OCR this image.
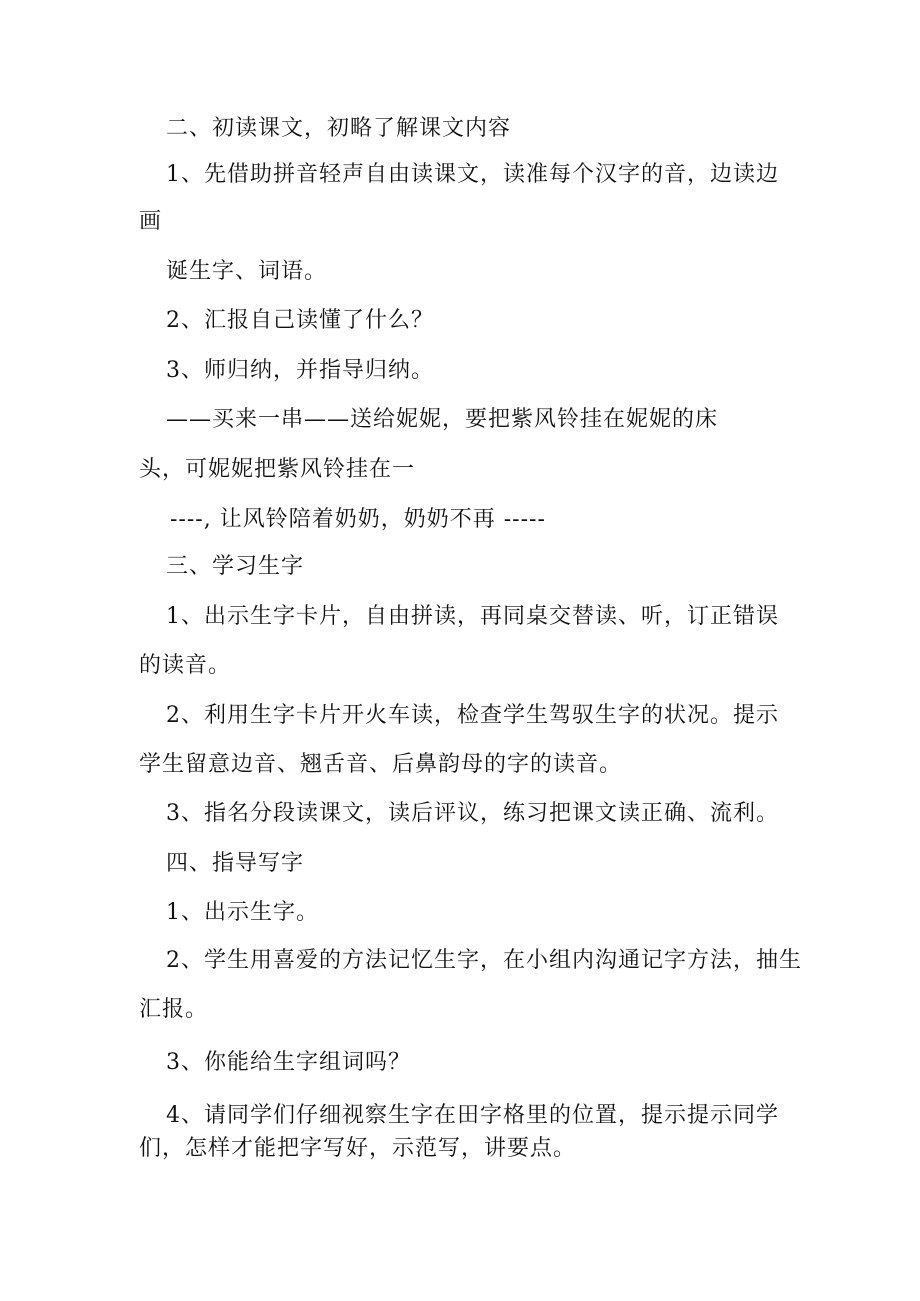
二、初读课文，初略了解课文内容
1、先借助拼音轻声自由读课文，读准每个汉字的音，边读边
画
诞生字、词语。
2、汇报自己读懂了什么？
3、师归纳，并指导归纳。
——买来一串——送给妮妮，要把紫风铃挂在妮妮的床
头，可妮妮把紫风铃挂在一
----, 让风铃陪着奶奶，奶奶不再 -----
三、学习生字
1、出示生字卡片，自由拼读，再同桌交替读、听，订正错误
的读音。
2、利用生字卡片开火车读，检查学生驾驭生字的状况。提示
学生留意边音、翘舌音、后鼻韵母的字的读音。
3、指名分段读课文，读后评议，练习把课文读正确、流利。
四、指导写字
1、出示生字。
2、学生用喜爱的方法记忆生字，在小组内沟通记字方法，抽生
汇报。
3、你能给生字组词吗？
4、请同学们仔细视察生字在田字格里的位置，提示提示同学
们，怎样才能把字写好，示范写，讲要点。
